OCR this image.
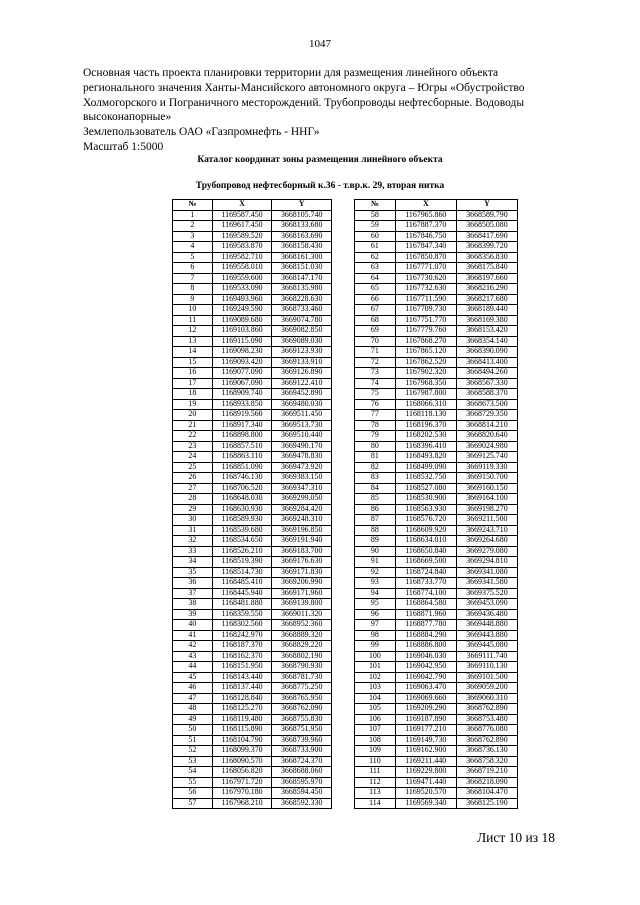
1047
Основная часть проекта планировки территории для размещения линейного объекта
регионального значения Ханты-Мансийского автономного округа – Югры «Обустройство
Холмогорского и Пограничного месторождений. Трубопроводы нефтесборные. Водоводы
высоконапорные»
Землепользователь ОАО «Газпромнефть - ННГ»
Масштаб 1:5000
Каталог координат зоны размещения линейного объекта
Трубопровод нефтесборный к.36 - т.вр.к. 29, вторая нитка
№	X	Y
1	1169587.450	3668105.740
2	1169617.450	3668133.680
3	1169589.520	3668163.690
4	1169583.870	3668158.430
5	1169582.710	3668161.300
6	1169558.010	3668151.030
7	1169559.600	3668147.170
8	1169533.090	3668135.980
9	1169493.960	3668228.630
10	1169249.590	3668733.460
11	1169089.680	3669074.780
12	1169103.860	3669082.850
13	1169115.090	3669089.030
14	1169098.230	3669123.930
15	1169093.420	3669133.910
16	1169077.090	3669126.890
17	1169067.090	3669122.410
18	1168909.740	3669452.890
19	1168933.850	3669480.030
20	1168919.560	3669511.450
21	1168917.340	3669513.730
22	1168898.800	3669510.440
23	1168857.510	3669490.170
24	1168863.110	3669478.830
25	1168851.090	3669473.920
26	1168746.130	3669383.150
27	1168706.520	3669347.310
28	1168648.030	3669299.050
29	1168630.930	3669284.420
30	1168589.930	3669248.310
31	1168539.680	3669196.850
32	1168534.650	3669191.940
33	1168526.210	3669183.700
34	1168519.390	3669176.630
35	1168514.730	3669171.830
36	1168485.410	3669206.990
37	1168445.940	3669171.960
38	1168481.880	3669139.800
39	1168359.550	3669011.320
40	1168302.560	3668952.360
41	1168242.970	3668889.320
42	1168187.370	3668829.220
43	1168162.370	3668802.190
44	1168151.950	3668790.930
45	1168143.440	3668781.730
46	1168137.440	3668775.250
47	1168128.840	3668765.950
48	1168125.270	3668762.090
49	1168119.480	3668755.830
50	1168115.890	3668751.950
51	1168104.790	3668739.960
52	1168099.370	3668733.900
53	1168090.570	3668724.370
54	1168056.820	3668688.060
55	1167971.720	3668595.970
56	1167970.180	3668594.450
57	1167968.210	3668592.330
№	X	Y
58	1167965.860	3668589.790
59	1167887.370	3668505.080
60	1167846.750	3668417.690
61	1167847.340	3668399.720
62	1167850.870	3668356.830
63	1167771.070	3668175.840
64	1167730.620	3668197.660
65	1167732.630	3668216.290
66	1167711.590	3668217.680
67	1167709.730	3668189.440
68	1167751.770	3668169.380
69	1167779.760	3668153.420
70	1167868.270	3668354.140
71	1167865.120	3668390.090
72	1167862.520	3668413.400
73	1167902.320	3668494.260
74	1167968.350	3668567.330
75	1167987.800	3668588.370
76	1168066.310	3668673.500
77	1168118.130	3668729.350
78	1168196.370	3668814.210
79	1168202.530	3668820.640
80	1168396.410	3669024.980
81	1168493.820	3669125.740
82	1168499.090	3669119.330
83	1168532.750	3669150.700
84	1168527.080	3669160.150
85	1168530.900	3669164.100
86	1168563.930	3669198.270
87	1168576.720	3669211.500
88	1168609.920	3669243.710
89	1168634.010	3669264.680
90	1168650.840	3669279.080
91	1168669.500	3669294.810
92	1168724.840	3669341.080
93	1168733.770	3669341.580
94	1168774.100	3669375.520
95	1168864.580	3669453.090
96	1168871.960	3669436.480
97	1168877.780	3669448.880
98	1168884.290	3669443.880
99	1168886.800	3669445.080
100	1169046.030	3669111.740
101	1169042.950	3669110.130
102	1169042.790	3669101.500
103	1169063.470	3669059.200
104	1169069.660	3669060.310
105	1169209.290	3668762.890
106	1169187.890	3668753.480
107	1169177.210	3668776.080
108	1169149.730	3668762.890
109	1169162.900	3668736.130
110	1169211.440	3668758.320
111	1169229.800	3668719.210
112	1169471.440	3668218.090
113	1169520.570	3668104.470
114	1169569.340	3668125.190
Лист 10 из 18
